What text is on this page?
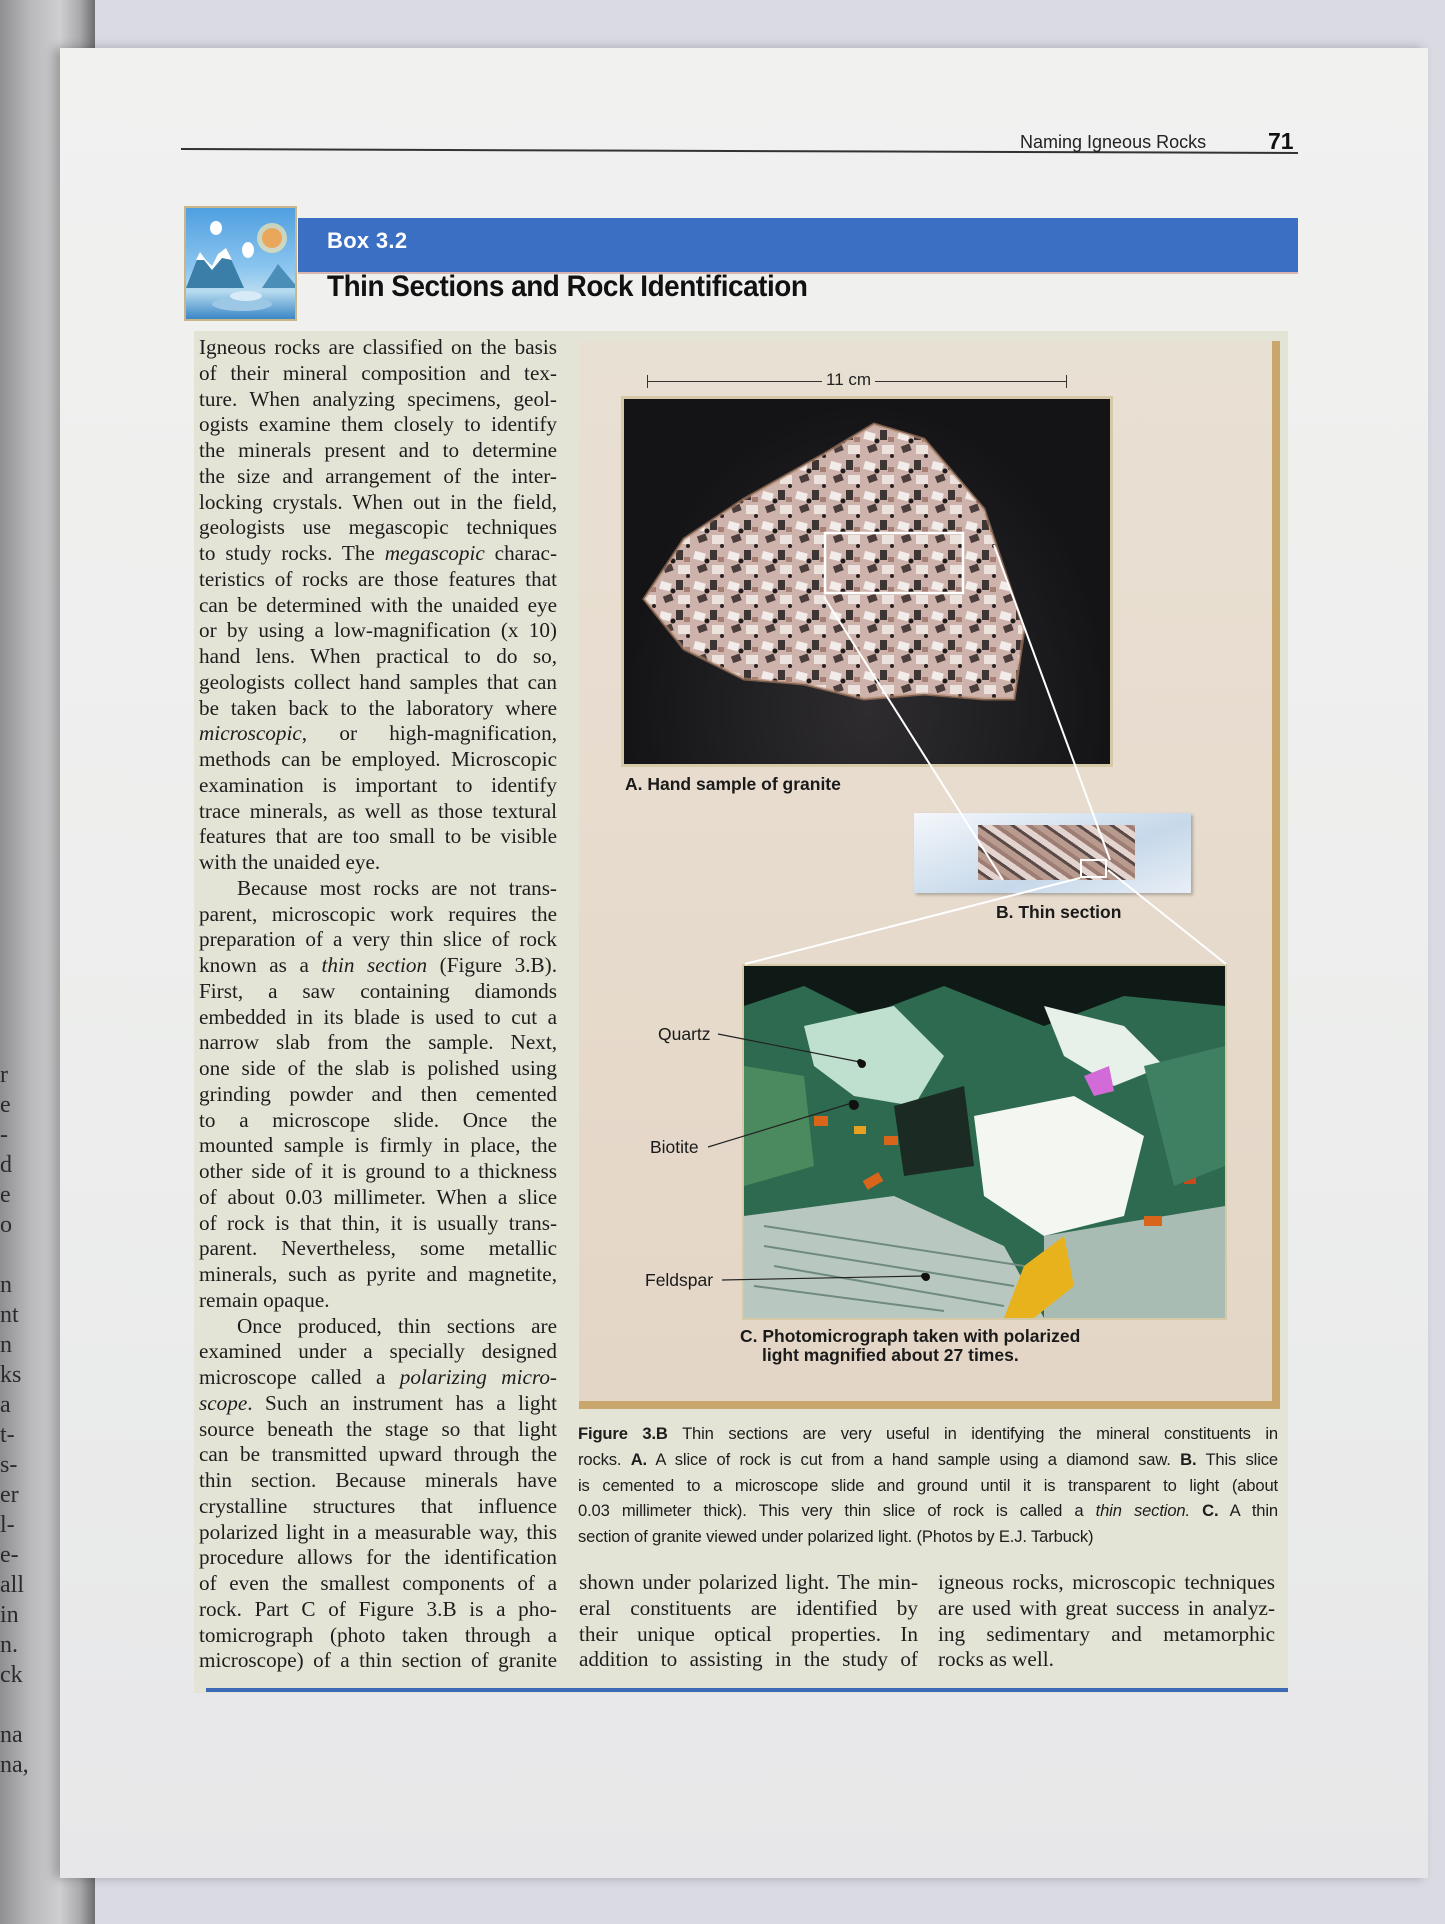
r
e
-
d
e
o
n
nt
n
ks
a
t-
s-
er
l-
e-
all
in
n.
ck
na
na,
Naming Igneous Rocks	71
Box 3.2
Thin Sections and Rock Identification
Igneous rocks are classified on the basis
of their mineral composition and tex-
ture. When analyzing specimens, geol-
ogists examine them closely to identify
the minerals present and to determine
the size and arrangement of the inter-
locking crystals. When out in the field,
geologists use megascopic techniques
to study rocks. The megascopic charac-
teristics of rocks are those features that
can be determined with the unaided eye
or by using a low-magnification (x 10)
hand lens. When practical to do so,
geologists collect hand samples that can
be taken back to the laboratory where
microscopic, or high-magnification,
methods can be employed. Microscopic
examination is important to identify
trace minerals, as well as those textural
features that are too small to be visible
with the unaided eye.
Because most rocks are not trans-
parent, microscopic work requires the
preparation of a very thin slice of rock
known as a thin section (Figure 3.B).
First, a saw containing diamonds
embedded in its blade is used to cut a
narrow slab from the sample. Next,
one side of the slab is polished using
grinding powder and then cemented
to a microscope slide. Once the
mounted sample is firmly in place, the
other side of it is ground to a thickness
of about 0.03 millimeter. When a slice
of rock is that thin, it is usually trans-
parent. Nevertheless, some metallic
minerals, such as pyrite and magnetite,
remain opaque.
Once produced, thin sections are
examined under a specially designed
microscope called a polarizing micro-
scope. Such an instrument has a light
source beneath the stage so that light
can be transmitted upward through the
thin section. Because minerals have
crystalline structures that influence
polarized light in a measurable way, this
procedure allows for the identification
of even the smallest components of a
rock. Part C of Figure 3.B is a pho-
tomicrograph (photo taken through a
microscope) of a thin section of granite
11 cm
A. Hand sample of granite
B. Thin section
Quartz
Biotite
Feldspar
C. Photomicrograph taken with polarized
light magnified about 27 times.
Figure 3.B Thin sections are very useful in identifying the mineral constituents in
rocks. A. A slice of rock is cut from a hand sample using a diamond saw. B. This slice
is cemented to a microscope slide and ground until it is transparent to light (about
0.03 millimeter thick). This very thin slice of rock is called a thin section. C. A thin
section of granite viewed under polarized light. (Photos by E.J. Tarbuck)
shown under polarized light. The min-
eral constituents are identified by
their unique optical properties. In
addition to assisting in the study of
igneous rocks, microscopic techniques
are used with great success in analyz-
ing sedimentary and metamorphic
rocks as well.
